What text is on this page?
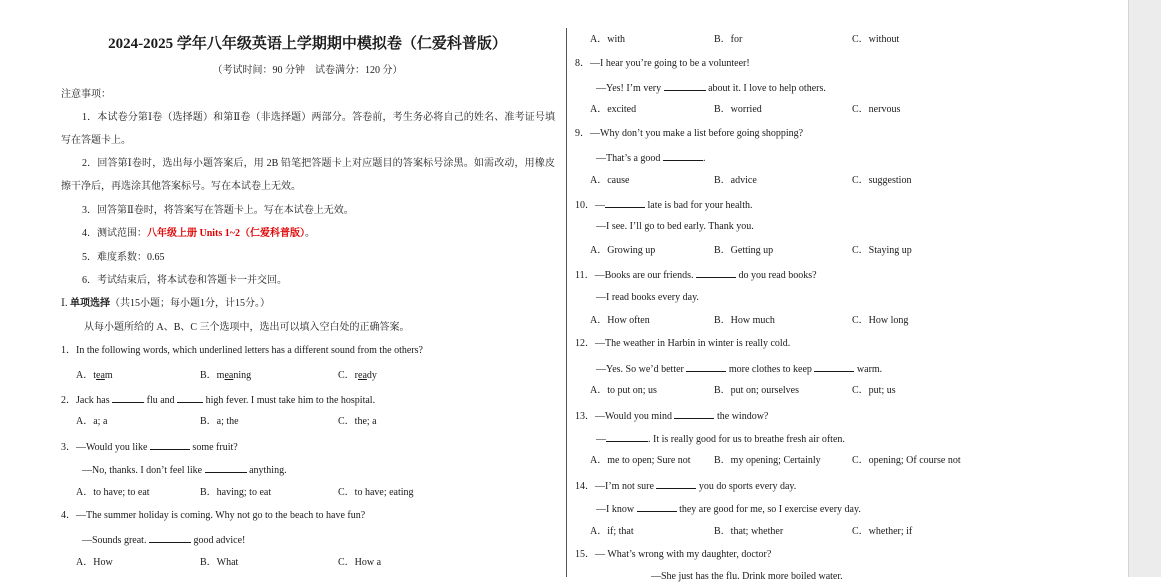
2024-2025 学年八年级英语上学期期中模拟卷（仁爱科普版）
（考试时间：90 分钟　试卷满分：120 分）
注意事项：
1．本试卷分第Ⅰ卷（选择题）和第Ⅱ卷（非选择题）两部分。答卷前，考生务必将自己的姓名、准考证号填写在答题卡上。
2．回答第Ⅰ卷时，选出每小题答案后，用 2B 铅笔把答题卡上对应题目的答案标号涂黑。如需改动，用橡皮擦干净后，再选涂其他答案标号。写在本试卷上无效。
3．回答第Ⅱ卷时，将答案写在答题卡上。写在本试卷上无效。
4．测试范围：八年级上册 Units 1~2（仁爱科普版）。
5．难度系数：0.65
6．考试结束后，将本试卷和答题卡一并交回。
Ⅰ. 单项选择（共15小题；每小题1分，计15分。）
从每小题所给的 A、B、C 三个选项中，选出可以填入空白处的正确答案。
1．In the following words, which underlined letters has a different sound from the others?
A．team	B．meaning	C．ready
2．Jack has	flu and	high fever. I must take him to the hospital.
A．a; a	B．a; the	C．the; a
3．—Would you like	some fruit?
—No, thanks. I don’t feel like	anything.
A．to have; to eat	B．having; to eat	C．to have; eating
4．—The summer holiday is coming. Why not go to the beach to have fun?
—Sounds great.	good advice!
A．How	B．What	C．How a
A．with	B．for	C．without
8．—I hear you’re going to be a volunteer!
—Yes! I’m very	about it. I love to help others.
A．excited	B．worried	C．nervous
9．—Why don’t you make a list before going shopping?
—That’s a good	.
A．cause	B．advice	C．suggestion
10．—	late is bad for your health.
—I see. I’ll go to bed early. Thank you.
A．Growing up	B．Getting up	C．Staying up
11．—Books are our friends.	do you read books?
—I read books every day.
A．How often	B．How much	C．How long
12．—The weather in Harbin in winter is really cold.
—Yes. So we’d better	more clothes to keep	warm.
A．to put on; us	B．put on; ourselves	C．put; us
13．—Would you mind	the window?
—	. It is really good for us to breathe fresh air often.
A．me to open; Sure not B．my opening; Certainly	C．opening; Of course not
14．—I’m not sure	you do sports every day.
—I know	they are good for me, so I exercise every day.
A．if; that	B．that; whether	C．whether; if
15．— What’s wrong with my daughter, doctor?
—She just has the flu. Drink more boiled water.
